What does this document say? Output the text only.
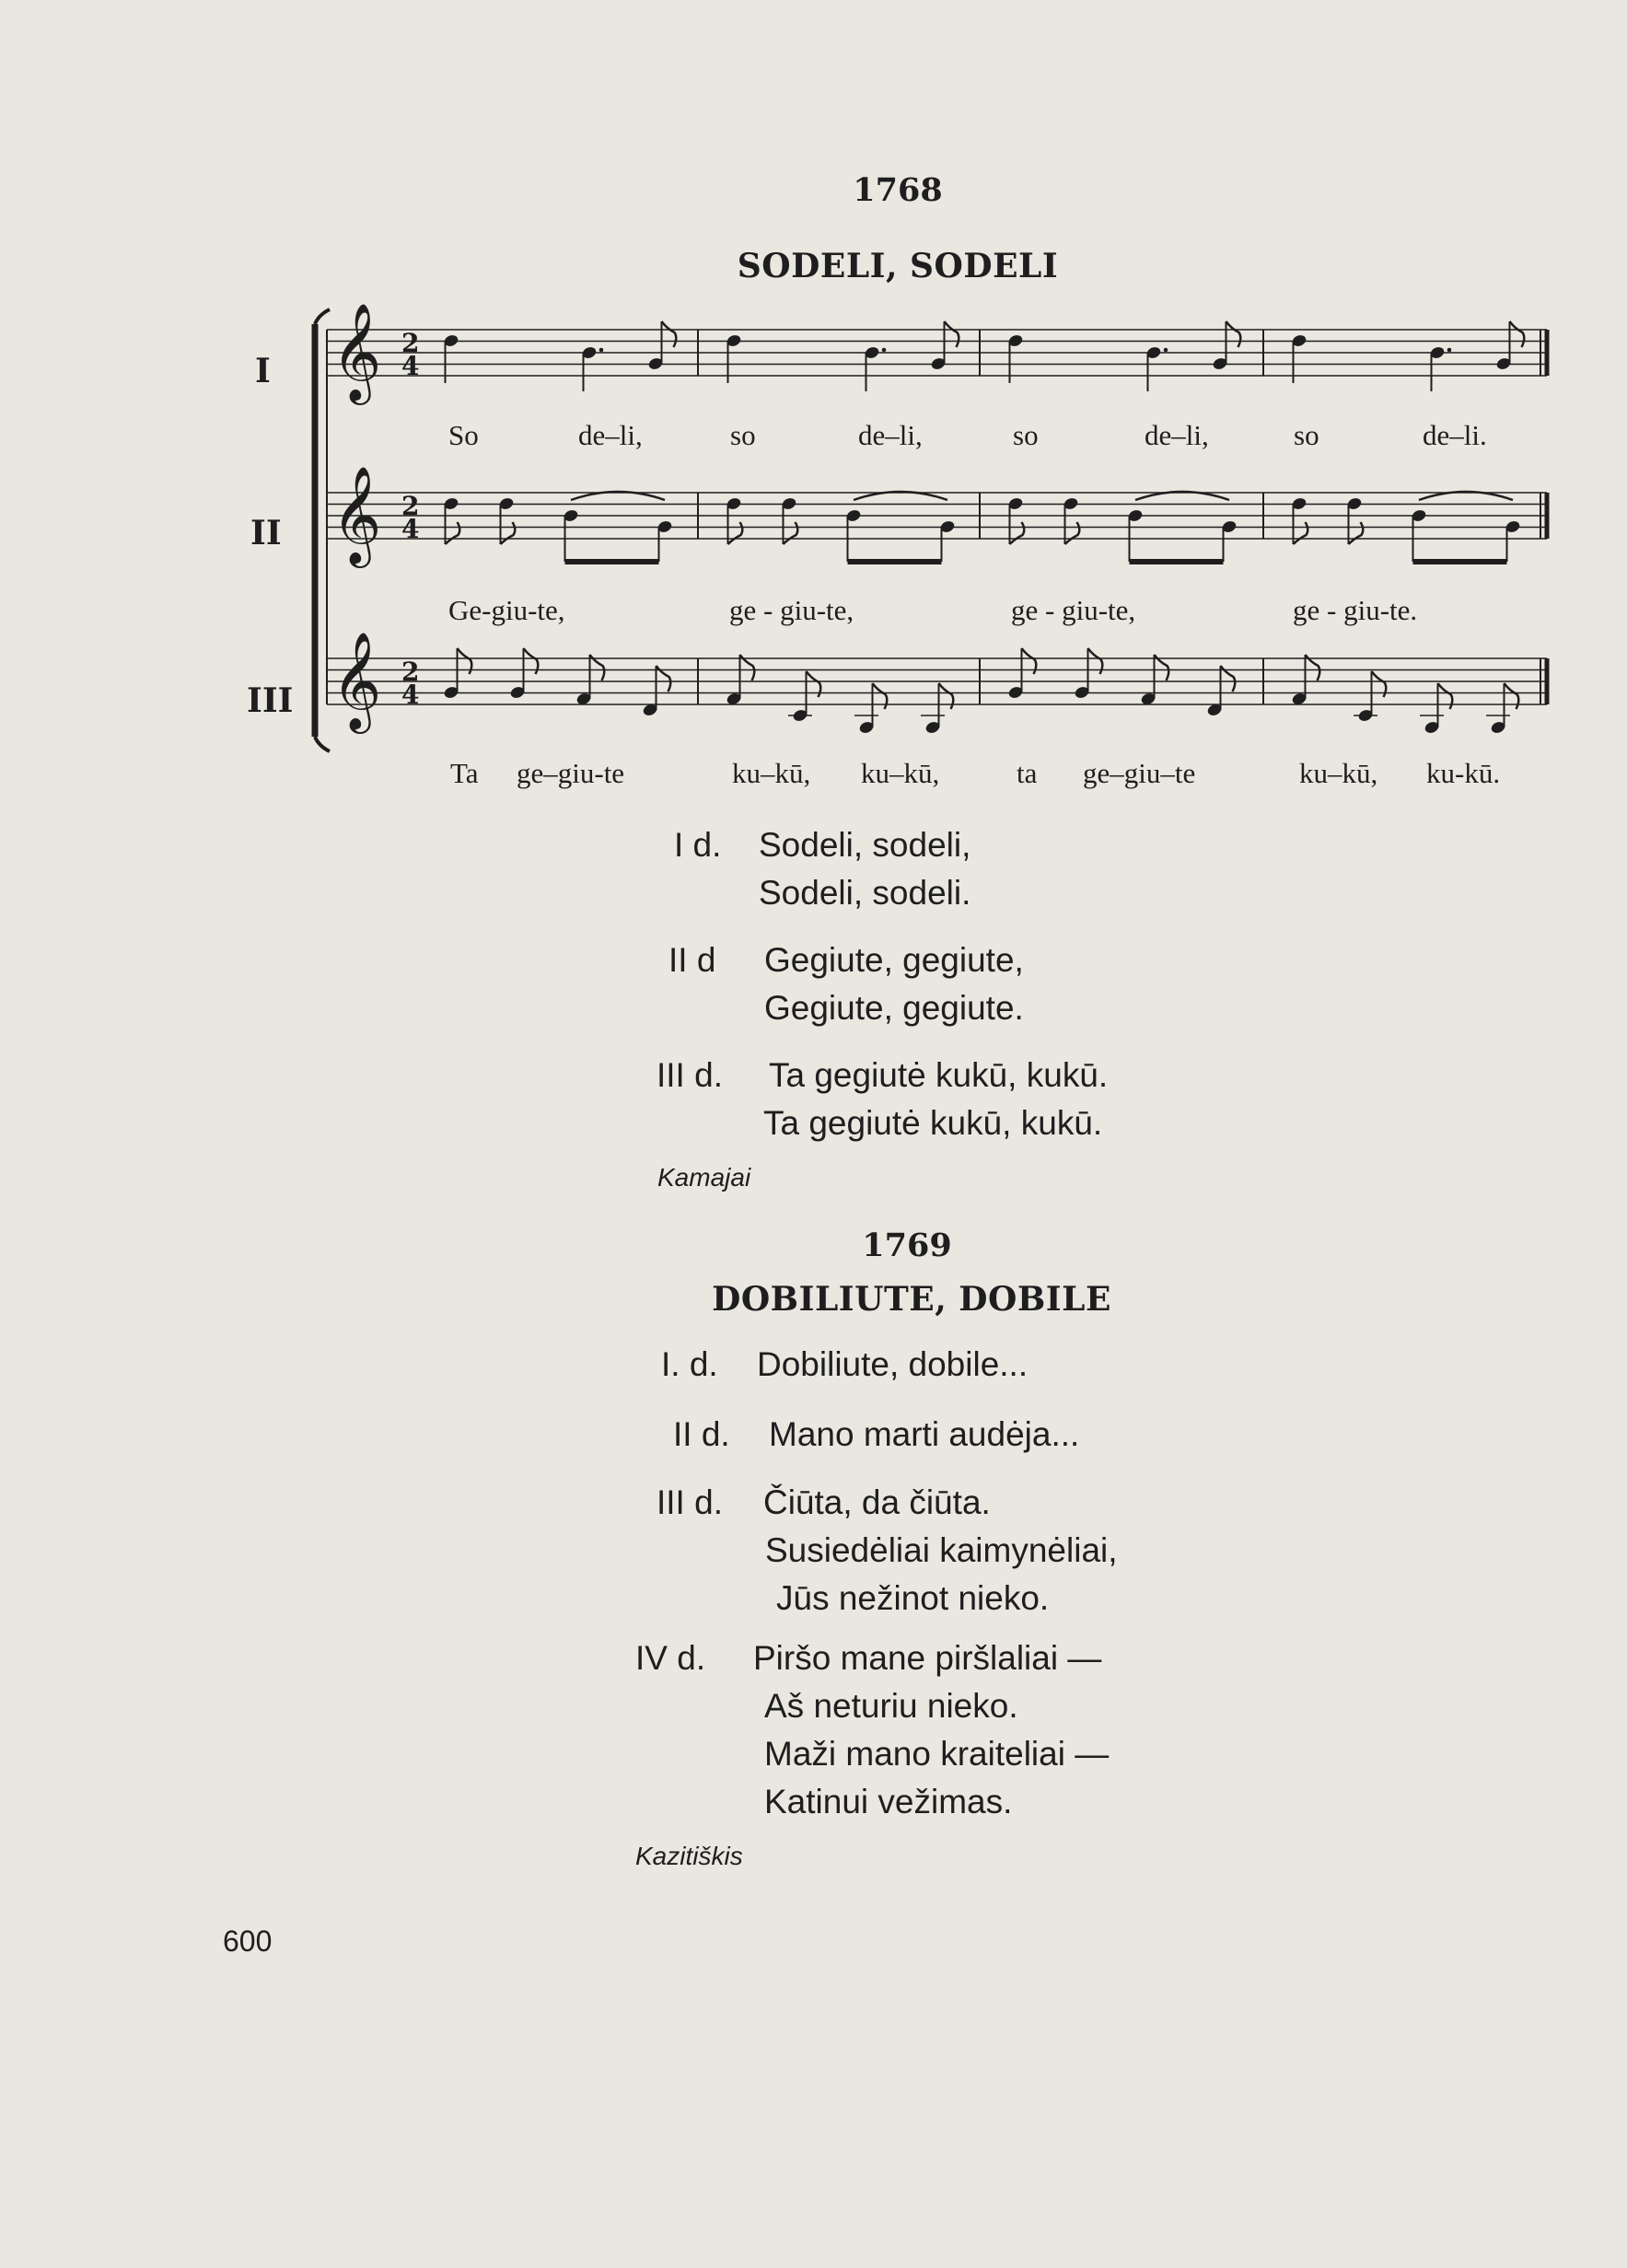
1768
SODELI, SODELI
I
II
III
𝄞
𝄞
𝄞
2
4
2
4
2
4
So	de–li,	so	de–li,	so	de–li,	so	de–li.
Ge-giu-te,	ge - giu-te,	ge - giu-te,	ge - giu-te.
Ta ge–giu-te	ku–kū, ku–kū,	ta ge–giu–te	ku–kū, ku-kū.
I d. Sodeli, sodeli,
Sodeli, sodeli.
II d Gegiute, gegiute,
Gegiute, gegiute.
III d. Ta gegiutė kukū, kukū.
Ta gegiutė kukū, kukū.
Kamajai
1769
DOBILIUTE, DOBILE
I. d. Dobiliute, dobile...
II d. Mano marti audėja...
III d. Čiūta, da čiūta.
Susiedėliai kaimynėliai,
Jūs nežinot nieko.
IV d. Piršo mane piršlaliai —
Aš neturiu nieko.
Maži mano kraiteliai —
Katinui vežimas.
Kazitiškis
600
